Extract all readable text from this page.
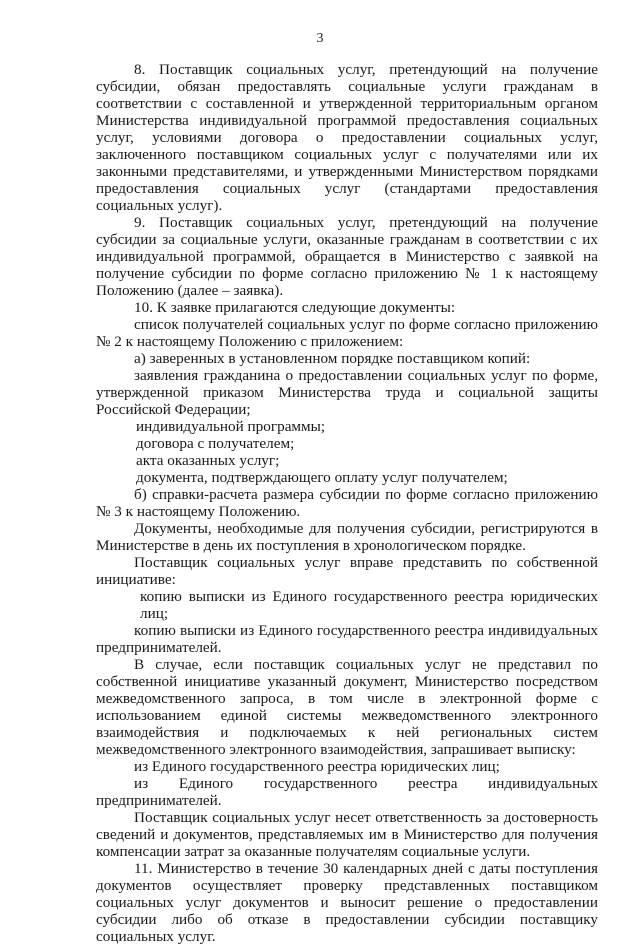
3

8. Поставщик социальных услуг, претендующий на получение субсидии, обязан предоставлять социальные услуги гражданам в соответствии с составленной и утвержденной территориальным органом Министерства индивидуальной программой предоставления социальных услуг, условиями договора о предоставлении социальных услуг, заключенного поставщиком социальных услуг с получателями или их законными представителями, и утвержденными Министерством порядками предоставления социальных услуг (стандартами предоставления социальных услуг).

9. Поставщик социальных услуг, претендующий на получение субсидии за социальные услуги, оказанные гражданам в соответствии с их индивидуальной программой, обращается в Министерство с заявкой на получение субсидии по форме согласно приложению № 1 к настоящему Положению (далее – заявка).

10. К заявке прилагаются следующие документы:

список получателей социальных услуг по форме согласно приложению № 2 к настоящему Положению с приложением:

а) заверенных в установленном порядке поставщиком копий:

заявления гражданина о предоставлении социальных услуг по форме, утвержденной приказом Министерства труда и социальной защиты Российской Федерации;

индивидуальной программы;

договора с получателем;

акта оказанных услуг;

документа, подтверждающего оплату услуг получателем;

б) справки-расчета размера субсидии по форме согласно приложению № 3 к настоящему Положению.

Документы, необходимые для получения субсидии, регистрируются в Министерстве в день их поступления в хронологическом порядке.

Поставщик социальных услуг вправе представить по собственной инициативе:

копию выписки из Единого государственного реестра юридических лиц;

копию выписки из Единого государственного реестра индивидуальных предпринимателей.

В случае, если поставщик социальных услуг не представил по собственной инициативе указанный документ, Министерство посредством межведомственного запроса, в том числе в электронной форме с использованием единой системы межведомственного электронного взаимодействия и подключаемых к ней региональных систем межведомственного электронного взаимодействия, запрашивает выписку:

из Единого государственного реестра юридических лиц;

из Единого государственного реестра индивидуальных предпринимателей.

Поставщик социальных услуг несет ответственность за достоверность сведений и документов, представляемых им в Министерство для получения компенсации затрат за оказанные получателям социальные услуги.

11. Министерство в течение 30 календарных дней с даты поступления документов осуществляет проверку представленных поставщиком социальных услуг документов и выносит решение о предоставлении субсидии либо об отказе в предоставлении субсидии поставщику социальных услуг.
